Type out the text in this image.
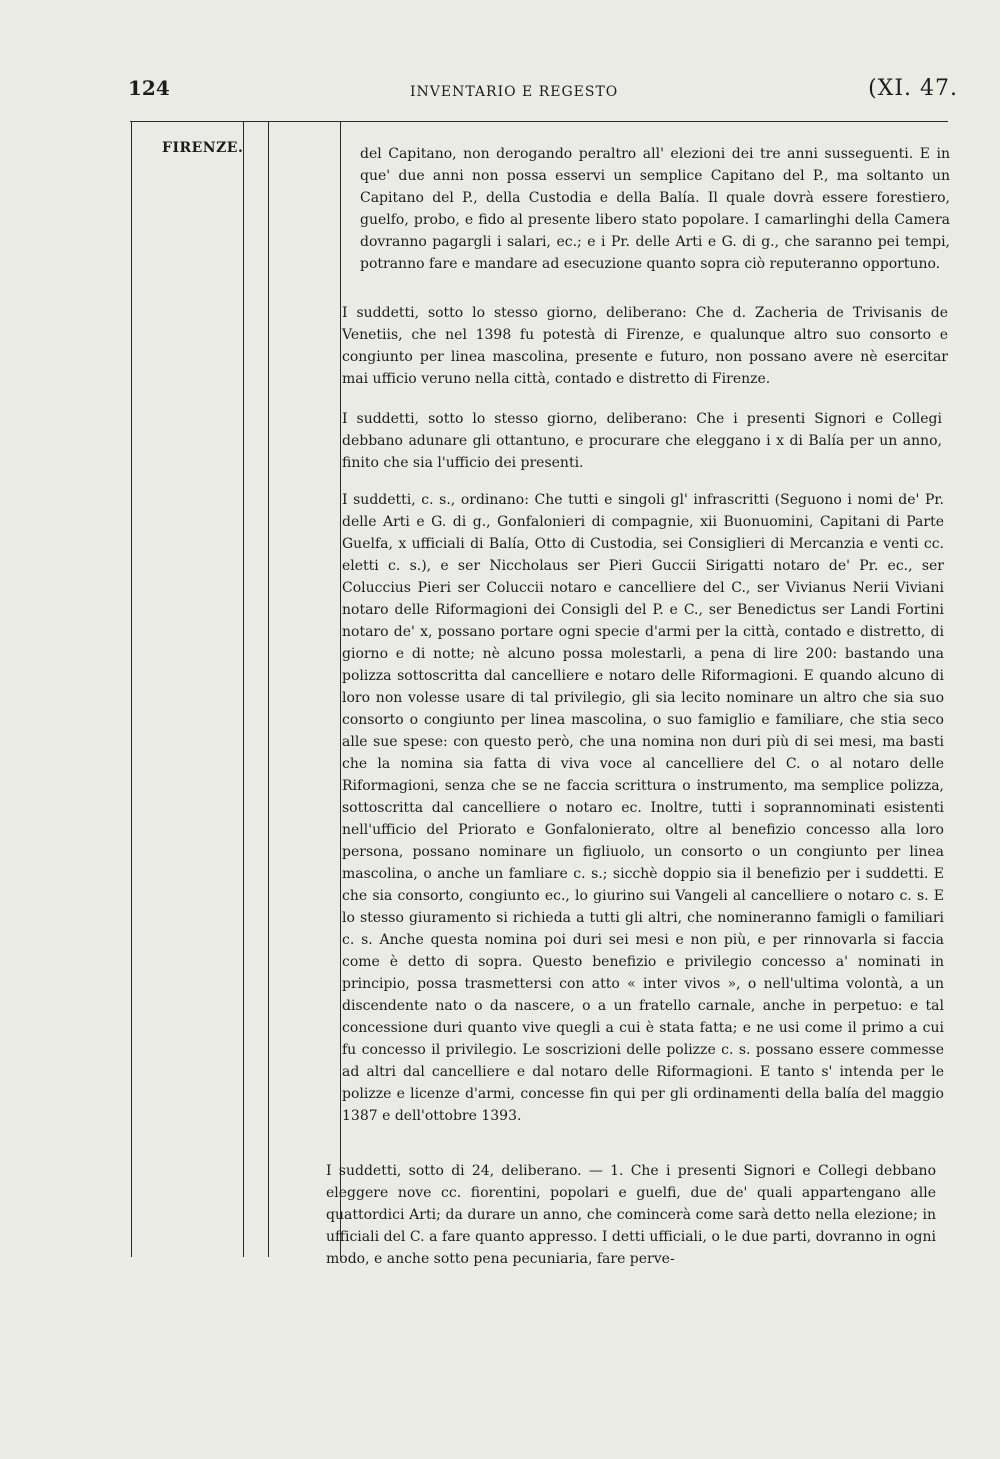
124	INVENTARIO E REGESTO	(XI. 47.
FIRENZE.	del Capitano, non derogando peraltro all' elezioni dei tre anni susseguenti. E in que' due anni non possa esservi un semplice Capitano del P., ma soltanto un Capitano del P., della Custodia e della Balía. Il quale dovrà essere forestiero, guelfo, probo, e fido al presente libero stato popolare. I camarlinghi della Camera dovranno pagargli i salari, ec.; e i Pr. delle Arti e G. di g., che saranno pei tempi, potranno fare e mandare ad esecuzione quanto sopra ciò reputeranno opportuno.

I suddetti, sotto lo stesso giorno, deliberano: Che d. Zacheria de Trivisanis de Venetiis, che nel 1398 fu potestà di Firenze, e qualunque altro suo consorto e congiunto per linea mascolina, presente e futuro, non possano avere nè esercitar mai ufficio veruno nella città, contado e distretto di Firenze.

I suddetti, sotto lo stesso giorno, deliberano: Che i presenti Signori e Collegi debbano adunare gli ottantuno, e procurare che eleggano i x di Balía per un anno, finito che sia l'ufficio dei presenti.

I suddetti, c. s., ordinano: Che tutti e singoli gl' infrascritti (Seguono i nomi de' Pr. delle Arti e G. di g., Gonfalonieri di compagnie, xii Buonuomini, Capitani di Parte Guelfa, x ufficiali di Balía, Otto di Custodia, sei Consiglieri di Mercanzia e venti cc. eletti c. s.), e ser Niccholaus ser Pieri Guccii Sirigatti notaro de' Pr. ec., ser Coluccius Pieri ser Coluccii notaro e cancelliere del C., ser Vivianus Nerii Viviani notaro delle Riformagioni dei Consigli del P. e C., ser Benedictus ser Landi Fortini notaro de' x, possano portare ogni specie d'armi per la città, contado e distretto, di giorno e di notte; nè alcuno possa molestarli, a pena di lire 200: bastando una polizza sottoscritta dal cancelliere e notaro delle Riformagioni. E quando alcuno di loro non volesse usare di tal privilegio, gli sia lecito nominare un altro che sia suo consorto o congiunto per linea mascolina, o suo famiglio e familiare, che stia seco alle sue spese: con questo però, che una nomina non duri più di sei mesi, ma basti che la nomina sia fatta di viva voce al cancelliere del C. o al notaro delle Riformagioni, senza che se ne faccia scrittura o instrumento, ma semplice polizza, sottoscritta dal cancelliere o notaro ec. Inoltre, tutti i soprannominati esistenti nell'ufficio del Priorato e Gonfalonierato, oltre al benefizio concesso alla loro persona, possano nominare un figliuolo, un consorto o un congiunto per linea mascolina, o anche un famliare c. s.; sicchè doppio sia il benefizio per i suddetti. E che sia consorto, congiunto ec., lo giurino sui Vangeli al cancelliere o notaro c. s. E lo stesso giuramento si richieda a tutti gli altri, che nomineranno famigli o familiari c. s. Anche questa nomina poi duri sei mesi e non più, e per rinnovarla si faccia come è detto di sopra. Questo benefizio e privilegio concesso a' nominati in principio, possa trasmettersi con atto « inter vivos », o nell'ultima volontà, a un discendente nato o da nascere, o a un fratello carnale, anche in perpetuo: e tal concessione duri quanto vive quegli a cui è stata fatta; e ne usi come il primo a cui fu concesso il privilegio. Le soscrizioni delle polizze c. s. possano essere commesse ad altri dal cancelliere e dal notaro delle Riformagioni. E tanto s' intenda per le polizze e licenze d'armi, concesse fin qui per gli ordinamenti della balía del maggio 1387 e dell'ottobre 1393.

I suddetti, sotto di 24, deliberano. — 1. Che i presenti Signori e Collegi debbano eleggere nove cc. fiorentini, popolari e guelfi, due de' quali appartengano alle quattordici Arti; da durare un anno, che comincerà come sarà detto nella elezione; in ufficiali del C. a fare quanto appresso. I detti ufficiali, o le due parti, dovranno in ogni modo, e anche sotto pena pecuniaria, fare perve-
